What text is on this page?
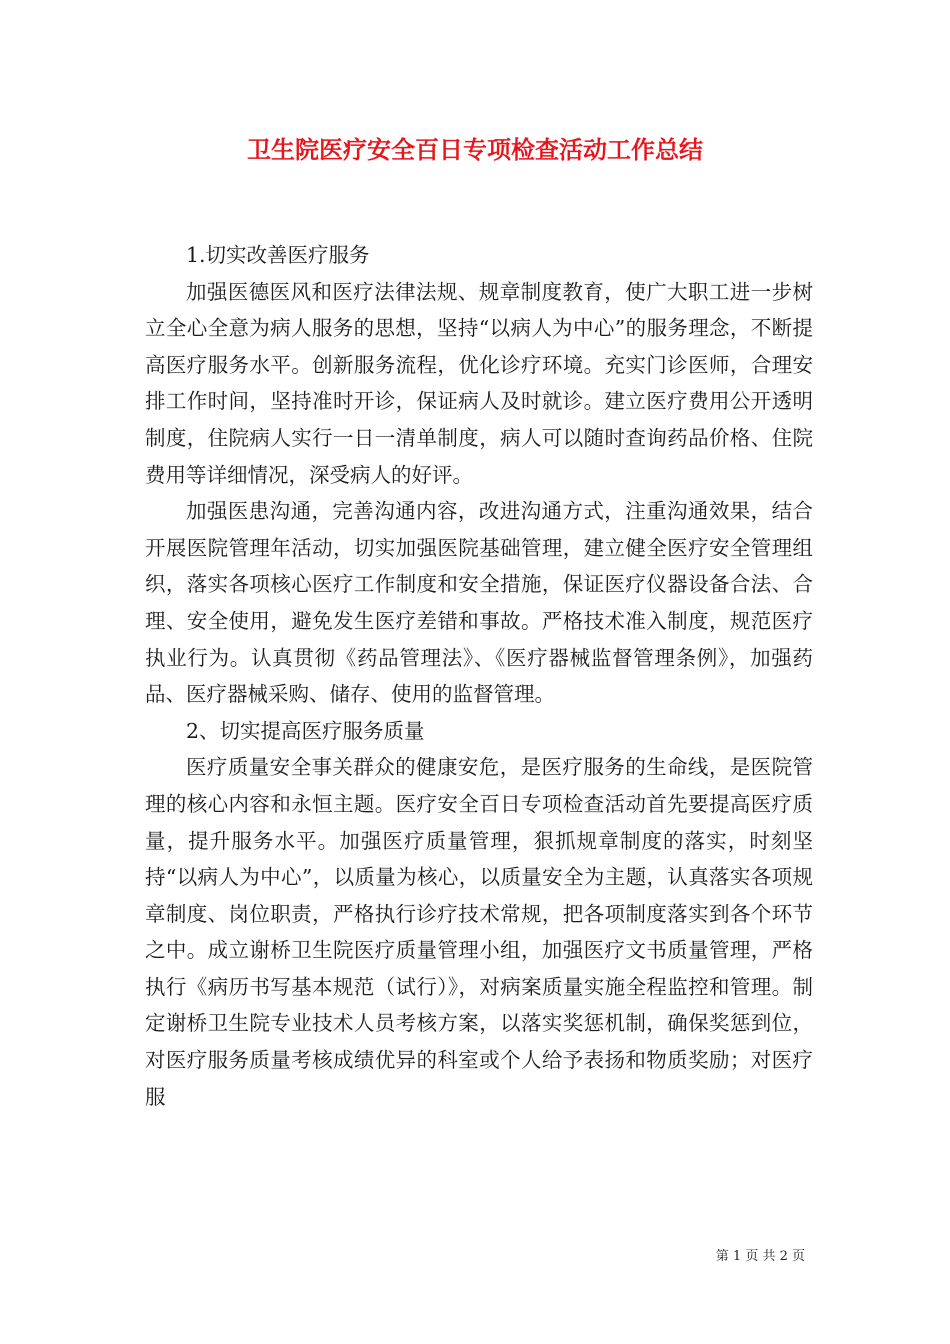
卫生院医疗安全百日专项检查活动工作总结

1.切实改善医疗服务

加强医德医风和医疗法律法规、规章制度教育，使广大职工进一步树立全心全意为病人服务的思想，坚持“以病人为中心”的服务理念，不断提高医疗服务水平。创新服务流程，优化诊疗环境。充实门诊医师，合理安排工作时间，坚持准时开诊，保证病人及时就诊。建立医疗费用公开透明制度，住院病人实行一日一清单制度，病人可以随时查询药品价格、住院费用等详细情况，深受病人的好评。

加强医患沟通，完善沟通内容，改进沟通方式，注重沟通效果，结合开展医院管理年活动，切实加强医院基础管理，建立健全医疗安全管理组织，落实各项核心医疗工作制度和安全措施，保证医疗仪器设备合法、合理、安全使用，避免发生医疗差错和事故。严格技术准入制度，规范医疗执业行为。认真贯彻《药品管理法》、《医疗器械监督管理条例》，加强药品、医疗器械采购、储存、使用的监督管理。

2、切实提高医疗服务质量

医疗质量安全事关群众的健康安危，是医疗服务的生命线，是医院管理的核心内容和永恒主题。医疗安全百日专项检查活动首先要提高医疗质量，提升服务水平。加强医疗质量管理，狠抓规章制度的落实，时刻坚持“以病人为中心”，以质量为核心，以质量安全为主题，认真落实各项规章制度、岗位职责，严格执行诊疗技术常规，把各项制度落实到各个环节之中。成立谢桥卫生院医疗质量管理小组，加强医疗文书质量管理，严格执行《病历书写基本规范（试行）》，对病案质量实施全程监控和管理。制定谢桥卫生院专业技术人员考核方案，以落实奖惩机制，确保奖惩到位，对医疗服务质量考核成绩优异的科室或个人给予表扬和物质奖励；对医疗服

第 1 页 共 2 页
